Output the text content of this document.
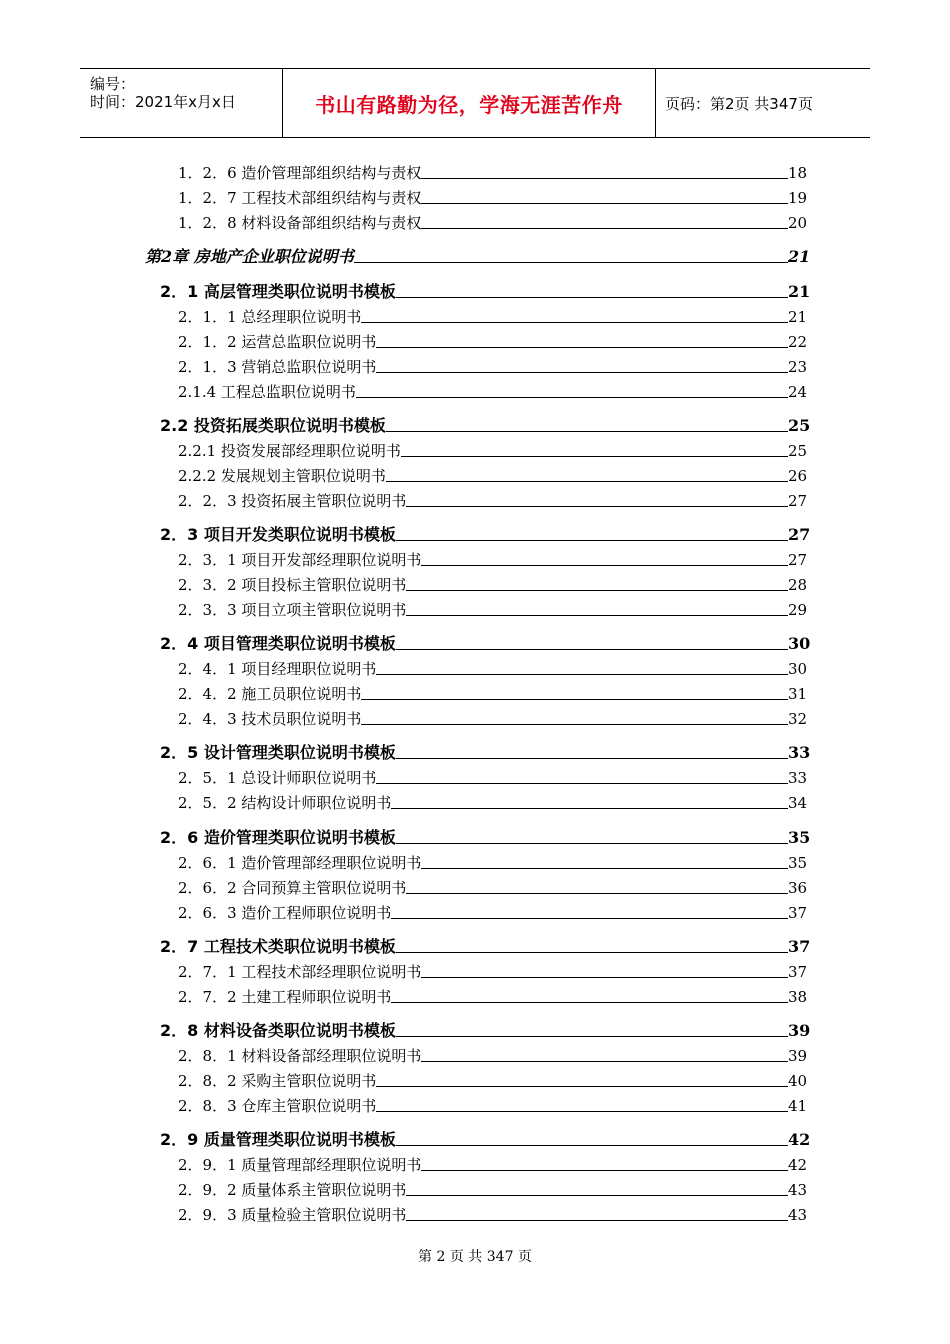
编号：
时间：2021年x月x日	书山有路勤为径，学海无涯苦作舟	页码：第2页 共347页
1．2．6 造价管理部组织结构与责权	18
1．2．7 工程技术部组织结构与责权	19
1．2．8 材料设备部组织结构与责权	20
第2章 房地产企业职位说明书	21
2．1 高层管理类职位说明书模板	21
2．1．1 总经理职位说明书	21
2．1．2 运营总监职位说明书	22
2．1．3 营销总监职位说明书	23
2.1.4 工程总监职位说明书	24
2.2 投资拓展类职位说明书模板	25
2.2.1 投资发展部经理职位说明书	25
2.2.2 发展规划主管职位说明书	26
2．2．3 投资拓展主管职位说明书	27
2．3 项目开发类职位说明书模板	27
2．3．1 项目开发部经理职位说明书	27
2．3．2 项目投标主管职位说明书	28
2．3．3 项目立项主管职位说明书	29
2．4 项目管理类职位说明书模板	30
2．4．1 项目经理职位说明书	30
2．4．2 施工员职位说明书	31
2．4．3 技术员职位说明书	32
2．5 设计管理类职位说明书模板	33
2．5．1 总设计师职位说明书	33
2．5．2 结构设计师职位说明书	34
2．6 造价管理类职位说明书模板	35
2．6．1 造价管理部经理职位说明书	35
2．6．2 合同预算主管职位说明书	36
2．6．3 造价工程师职位说明书	37
2．7 工程技术类职位说明书模板	37
2．7．1 工程技术部经理职位说明书	37
2．7．2 土建工程师职位说明书	38
2．8 材料设备类职位说明书模板	39
2．8．1 材料设备部经理职位说明书	39
2．8．2 采购主管职位说明书	40
2．8．3 仓库主管职位说明书	41
2．9 质量管理类职位说明书模板	42
2．9．1 质量管理部经理职位说明书	42
2．9．2 质量体系主管职位说明书	43
2．9．3 质量检验主管职位说明书	43
第 2 页 共 347 页
